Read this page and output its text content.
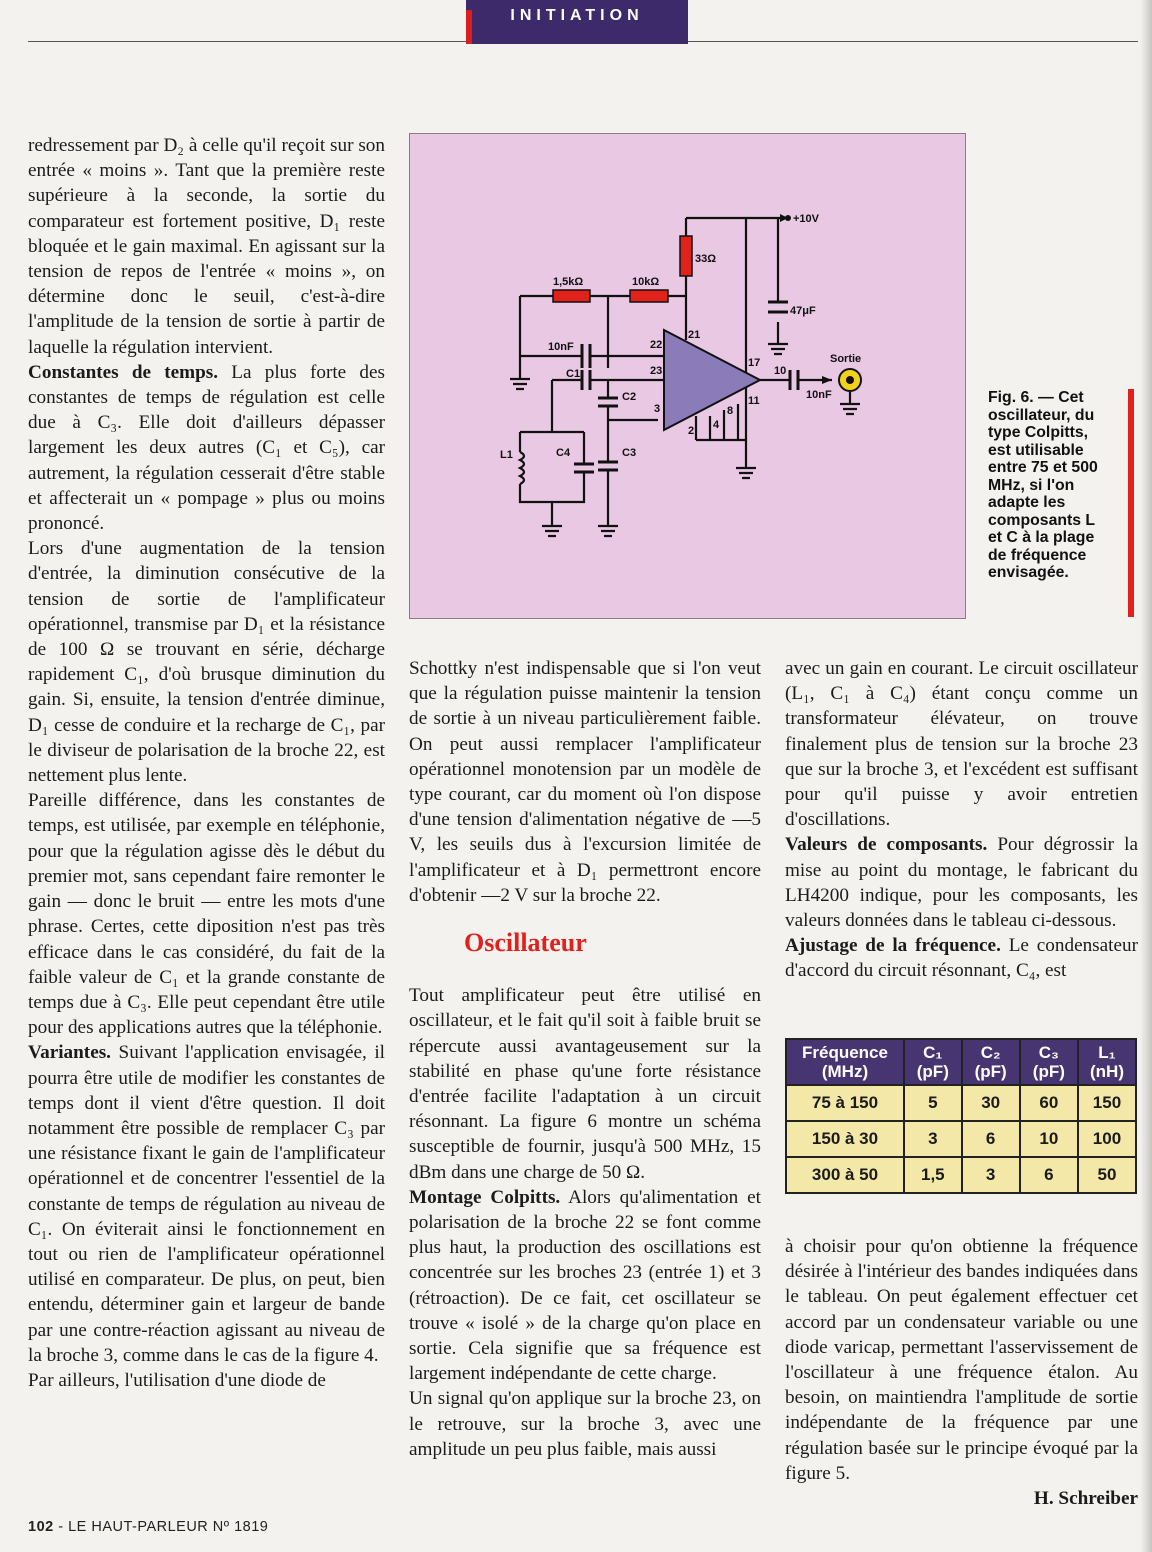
INITIATION

redressement par D₂ à celle qu'il reçoit sur son entrée « moins ». Tant que la première reste supérieure à la seconde, la sortie du comparateur est fortement positive, D₁ reste bloquée et le gain maximal. En agissant sur la tension de repos de l'entrée « moins », on détermine donc le seuil, c'est-à-dire l'amplitude de la tension de sortie à partir de laquelle la régulation intervient.

Constantes de temps. La plus forte des constantes de temps de régulation est celle due à C₃. Elle doit d'ailleurs dépasser largement les deux autres (C₁ et C₅), car autrement, la régulation cesserait d'être stable et affecterait un « pompage » plus ou moins prononcé.

Lors d'une augmentation de la tension d'entrée, la diminution consécutive de la tension de sortie de l'amplificateur opérationnel, transmise par D₁ et la résistance de 100 Ω se trouvant en série, décharge rapidement C₁, d'où brusque diminution du gain. Si, ensuite, la tension d'entrée diminue, D₁ cesse de conduire et la recharge de C₁, par le diviseur de polarisation de la broche 22, est nettement plus lente.

Pareille différence, dans les constantes de temps, est utilisée, par exemple en téléphonie, pour que la régulation agisse dès le début du premier mot, sans cependant faire remonter le gain — donc le bruit — entre les mots d'une phrase. Certes, cette diposition n'est pas très efficace dans le cas considéré, du fait de la faible valeur de C₁ et la grande constante de temps due à C₃. Elle peut cependant être utile pour des applications autres que la téléphonie.

Variantes. Suivant l'application envisagée, il pourra être utile de modifier les constantes de temps dont il vient d'être question. Il doit notamment être possible de remplacer C₃ par une résistance fixant le gain de l'amplificateur opérationnel et de concentrer l'essentiel de la constante de temps de régulation au niveau de C₁. On éviterait ainsi le fonctionnement en tout ou rien de l'amplificateur opérationnel utilisé en comparateur. De plus, on peut, bien entendu, déterminer gain et largeur de bande par une contre-réaction agissant au niveau de la broche 3, comme dans le cas de la figure 4.

Par ailleurs, l'utilisation d'une diode de

+10V
33Ω
1,5kΩ	10kΩ
47μF
10nF
10nF
C1
C2
C3
C4
L1
Sortie
22
23
3
21
17
10
11
8
2 4
Fig. 6. — Cet oscillateur, du type Colpitts, est utilisable entre 75 et 500 MHz, si l'on adapte les composants L et C à la plage de fréquence envisagée.

Schottky n'est indispensable que si l'on veut que la régulation puisse maintenir la tension de sortie à un niveau particulièrement faible. On peut aussi remplacer l'amplificateur opérationnel monotension par un modèle de type courant, car du moment où l'on dispose d'une tension d'alimentation négative de —5 V, les seuils dus à l'excursion limitée de l'amplificateur et à D₁ permettront encore d'obtenir —2 V sur la broche 22.

Oscillateur

Tout amplificateur peut être utilisé en oscillateur, et le fait qu'il soit à faible bruit se répercute aussi avantageusement sur la stabilité en phase qu'une forte résistance d'entrée facilite l'adaptation à un circuit résonnant. La figure 6 montre un schéma susceptible de fournir, jusqu'à 500 MHz, 15 dBm dans une charge de 50 Ω.

Montage Colpitts. Alors qu'alimentation et polarisation de la broche 22 se font comme plus haut, la production des oscillations est concentrée sur les broches 23 (entrée 1) et 3 (rétroaction). De ce fait, cet oscillateur se trouve « isolé » de la charge qu'on place en sortie. Cela signifie que sa fréquence est largement indépendante de cette charge.

Un signal qu'on applique sur la broche 23, on le retrouve, sur la broche 3, avec une amplitude un peu plus faible, mais aussi

avec un gain en courant. Le circuit oscillateur (L₁, C₁ à C₄) étant conçu comme un transformateur élévateur, on trouve finalement plus de tension sur la broche 23 que sur la broche 3, et l'excédent est suffisant pour qu'il puisse y avoir entretien d'oscillations.

Valeurs de composants. Pour dégrossir la mise au point du montage, le fabricant du LH4200 indique, pour les composants, les valeurs données dans le tableau ci-dessous.

Ajustage de la fréquence. Le condensateur d'accord du circuit résonnant, C₄, est

Fréquence (MHz)	C₁ (pF)	C₂ (pF)	C₃ (pF)	L₁ (nH)
75 à 150	5	30	60	150
150 à 30	3	6	10	100
300 à 50	1,5	3	6	50

à choisir pour qu'on obtienne la fréquence désirée à l'intérieur des bandes indiquées dans le tableau. On peut également effectuer cet accord par un condensateur variable ou une diode varicap, permettant l'asservissement de l'oscillateur à une fréquence étalon. Au besoin, on maintiendra l'amplitude de sortie indépendante de la fréquence par une régulation basée sur le principe évoqué par la figure 5.

H. Schreiber

102 - LE HAUT-PARLEUR Nº 1819
